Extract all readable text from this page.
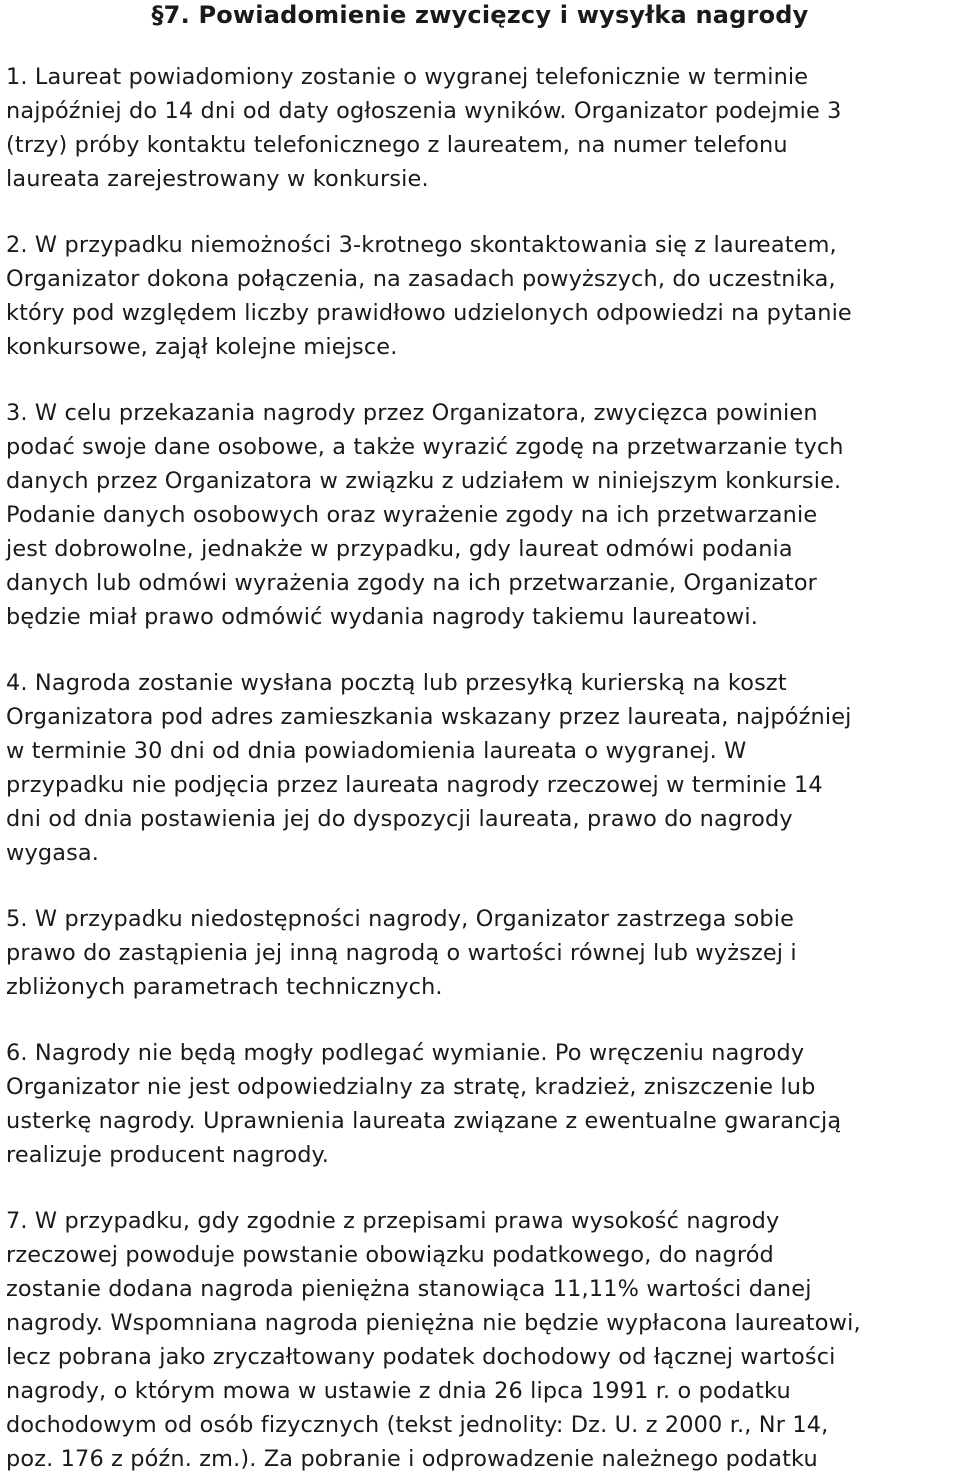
§7. Powiadomienie zwycięzcy i wysyłka nagrody

1. Laureat powiadomiony zostanie o wygranej telefonicznie w terminie
najpóźniej do 14 dni od daty ogłoszenia wyników. Organizator podejmie 3
(trzy) próby kontaktu telefonicznego z laureatem, na numer telefonu
laureata zarejestrowany w konkursie.

2. W przypadku niemożności 3-krotnego skontaktowania się z laureatem,
Organizator dokona połączenia, na zasadach powyższych, do uczestnika,
który pod względem liczby prawidłowo udzielonych odpowiedzi na pytanie
konkursowe, zajął kolejne miejsce.

3. W celu przekazania nagrody przez Organizatora, zwycięzca powinien
podać swoje dane osobowe, a także wyrazić zgodę na przetwarzanie tych
danych przez Organizatora w związku z udziałem w niniejszym konkursie.
Podanie danych osobowych oraz wyrażenie zgody na ich przetwarzanie
jest dobrowolne, jednakże w przypadku, gdy laureat odmówi podania
danych lub odmówi wyrażenia zgody na ich przetwarzanie, Organizator
będzie miał prawo odmówić wydania nagrody takiemu laureatowi.

4. Nagroda zostanie wysłana pocztą lub przesyłką kurierską na koszt
Organizatora pod adres zamieszkania wskazany przez laureata, najpóźniej
w terminie 30 dni od dnia powiadomienia laureata o wygranej. W
przypadku nie podjęcia przez laureata nagrody rzeczowej w terminie 14
dni od dnia postawienia jej do dyspozycji laureata, prawo do nagrody
wygasa.

5. W przypadku niedostępności nagrody, Organizator zastrzega sobie
prawo do zastąpienia jej inną nagrodą o wartości równej lub wyższej i
zbliżonych parametrach technicznych.

6. Nagrody nie będą mogły podlegać wymianie. Po wręczeniu nagrody
Organizator nie jest odpowiedzialny za stratę, kradzież, zniszczenie lub
usterkę nagrody. Uprawnienia laureata związane z ewentualne gwarancją
realizuje producent nagrody.

7. W przypadku, gdy zgodnie z przepisami prawa wysokość nagrody
rzeczowej powoduje powstanie obowiązku podatkowego, do nagród
zostanie dodana nagroda pieniężna stanowiąca 11,11% wartości danej
nagrody. Wspomniana nagroda pieniężna nie będzie wypłacona laureatowi,
lecz pobrana jako zryczałtowany podatek dochodowy od łącznej wartości
nagrody, o którym mowa w ustawie z dnia 26 lipca 1991 r. o podatku
dochodowym od osób fizycznych (tekst jednolity: Dz. U. z 2000 r., Nr 14,
poz. 176 z późn. zm.). Za pobranie i odprowadzenie należnego podatku
